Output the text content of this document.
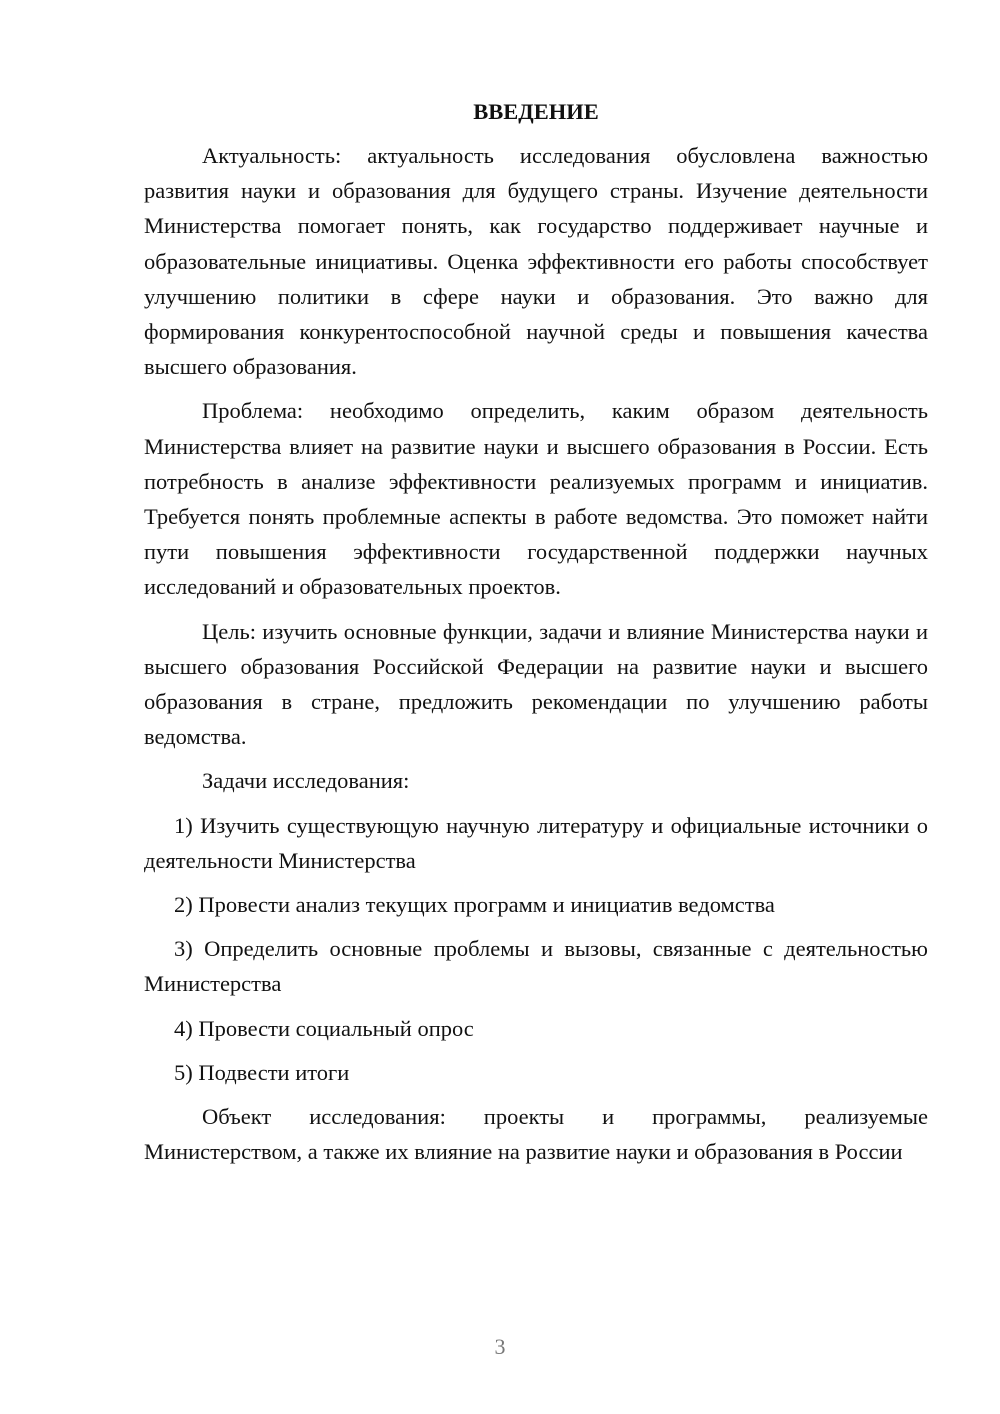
ВВЕДЕНИЕ

Актуальность: актуальность исследования обусловлена важностью развития науки и образования для будущего страны. Изучение деятельности Министерства помогает понять, как государство поддерживает научные и образовательные инициативы. Оценка эффективности его работы способствует улучшению политики в сфере науки и образования. Это важно для формирования конкурентоспособной научной среды и повышения качества высшего образования.

Проблема: необходимо определить, каким образом деятельность Министерства влияет на развитие науки и высшего образования в России. Есть потребность в анализе эффективности реализуемых программ и инициатив. Требуется понять проблемные аспекты в работе ведомства. Это поможет найти пути повышения эффективности государственной поддержки научных исследований и образовательных проектов.

Цель: изучить основные функции, задачи и влияние Министерства науки и высшего образования Российской Федерации на развитие науки и высшего образования в стране, предложить рекомендации по улучшению работы ведомства.

Задачи исследования:

1) Изучить существующую научную литературу и официальные источники о деятельности Министерства

2) Провести анализ текущих программ и инициатив ведомства

3) Определить основные проблемы и вызовы, связанные с деятельностью Министерства

4) Провести социальный опрос

5) Подвести итоги

Объект исследования: проекты и программы, реализуемые Министерством, а также их влияние на развитие науки и образования в России

3
